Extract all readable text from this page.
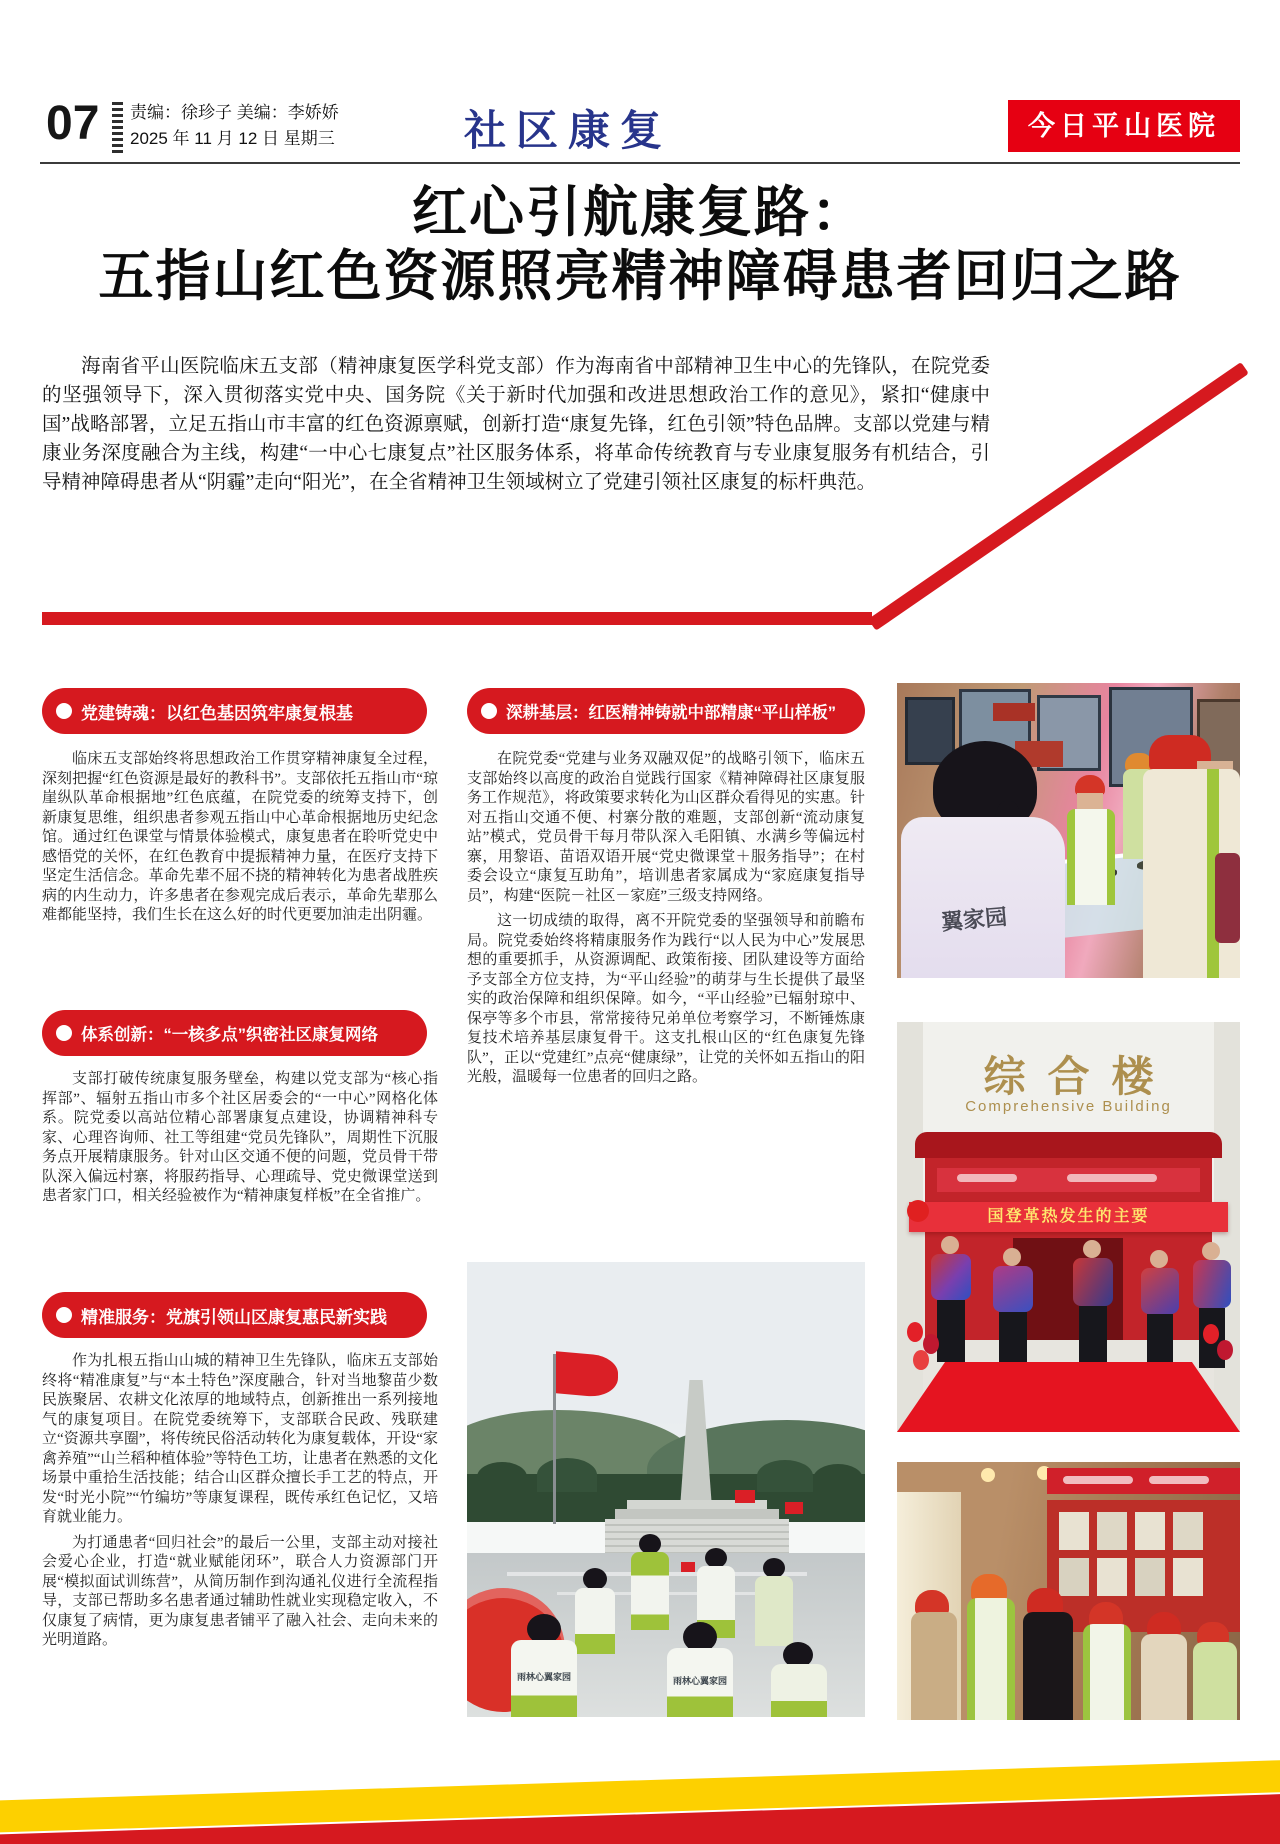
07 责编：徐珍子 美编：李娇娇
2025 年 11 月 12 日 星期三	社区康复	今日平山医院
红心引航康复路：
五指山红色资源照亮精神障碍患者回归之路
海南省平山医院临床五支部（精神康复医学科党支部）作为海南省中部精神卫生中心的先锋队，在院党委的坚强领导下，深入贯彻落实党中央、国务院《关于新时代加强和改进思想政治工作的意见》，紧扣“健康中国”战略部署，立足五指山市丰富的红色资源禀赋，创新打造“康复先锋，红色引领”特色品牌。支部以党建与精康业务深度融合为主线，构建“一中心七康复点”社区服务体系，将革命传统教育与专业康复服务有机结合，引导精神障碍患者从“阴霾”走向“阳光”，在全省精神卫生领域树立了党建引领社区康复的标杆典范。
党建铸魂：以红色基因筑牢康复根基

临床五支部始终将思想政治工作贯穿精神康复全过程，深刻把握“红色资源是最好的教科书”。支部依托五指山市“琼崖纵队革命根据地”红色底蕴，在院党委的统筹支持下，创新康复思维，组织患者参观五指山中心革命根据地历史纪念馆。通过红色课堂与情景体验模式，康复患者在聆听党史中感悟党的关怀，在红色教育中提振精神力量，在医疗支持下坚定生活信念。革命先辈不屈不挠的精神转化为患者战胜疾病的内生动力，许多患者在参观完成后表示，革命先辈那么难都能坚持，我们生长在这么好的时代更要加油走出阴霾。

体系创新：“一核多点”织密社区康复网络

支部打破传统康复服务壁垒，构建以党支部为“核心指挥部”、辐射五指山市多个社区居委会的“一中心”网格化体系。院党委以高站位精心部署康复点建设，协调精神科专家、心理咨询师、社工等组建“党员先锋队”，周期性下沉服务点开展精康服务。针对山区交通不便的问题，党员骨干带队深入偏远村寨，将服药指导、心理疏导、党史微课堂送到患者家门口，相关经验被作为“精神康复样板”在全省推广。

精准服务：党旗引领山区康复惠民新实践

作为扎根五指山山城的精神卫生先锋队，临床五支部始终将“精准康复”与“本土特色”深度融合，针对当地黎苗少数民族聚居、农耕文化浓厚的地域特点，创新推出一系列接地气的康复项目。在院党委统筹下，支部联合民政、残联建立“资源共享圈”，将传统民俗活动转化为康复载体，开设“家禽养殖”“山兰稻种植体验”等特色工坊，让患者在熟悉的文化场景中重拾生活技能；结合山区群众擅长手工艺的特点，开发“时光小院”“竹编坊”等康复课程，既传承红色记忆，又培育就业能力。

为打通患者“回归社会”的最后一公里，支部主动对接社会爱心企业，打造“就业赋能闭环”，联合人力资源部门开展“模拟面试训练营”，从简历制作到沟通礼仪进行全流程指导，支部已帮助多名患者通过辅助性就业实现稳定收入，不仅康复了病情，更为康复患者铺平了融入社会、走向未来的光明道路。

深耕基层：红医精神铸就中部精康“平山样板”

在院党委“党建与业务双融双促”的战略引领下，临床五支部始终以高度的政治自觉践行国家《精神障碍社区康复服务工作规范》，将政策要求转化为山区群众看得见的实惠。针对五指山交通不便、村寨分散的难题，支部创新“流动康复站”模式，党员骨干每月带队深入毛阳镇、水满乡等偏远村寨，用黎语、苗语双语开展“党史微课堂＋服务指导”；在村委会设立“康复互助角”，培训患者家属成为“家庭康复指导员”，构建“医院－社区－家庭”三级支持网络。

这一切成绩的取得，离不开院党委的坚强领导和前瞻布局。院党委始终将精康服务作为践行“以人民为中心”发展思想的重要抓手，从资源调配、政策衔接、团队建设等方面给予支部全方位支持，为“平山经验”的萌芽与生长提供了最坚实的政治保障和组织保障。如今，“平山经验”已辐射琼中、保亭等多个市县，常常接待兄弟单位考察学习，不断锤炼康复技术培养基层康复骨干。这支扎根山区的“红色康复先锋队”，正以“党建红”点亮“健康绿”，让党的关怀如五指山的阳光般，温暖每一位患者的回归之路。

翼家园
综合楼
Comprehensive Building
国登革热发生的主要
雨林心翼家园	雨林心翼家园
